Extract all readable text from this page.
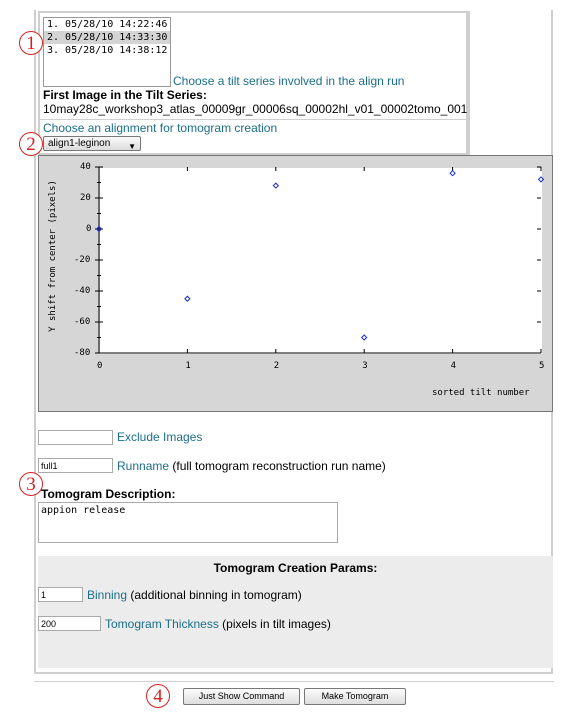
1
2
3
4
1. 05/28/10 14:22:46
2. 05/28/10 14:33:30
3. 05/28/10 14:38:12
Choose a tilt series involved in the align run
First Image in the Tilt Series:
10may28c_workshop3_atlas_00009gr_00006sq_00002hl_v01_00002tomo_001
Choose an alignment for tomogram creation
align1-leginon ▼
40
20
0
-20
-40
-60
-80
0	1	2	3	4	5
sorted tilt number
Y shift from center (pixels)
Exclude Images
full1
Runname (full tomogram reconstruction run name)
Tomogram Description:
appion release
Tomogram Creation Params:
1
Binning (additional binning in tomogram)
200
Tomogram Thickness (pixels in tilt images)
Just Show Command	Make Tomogram
